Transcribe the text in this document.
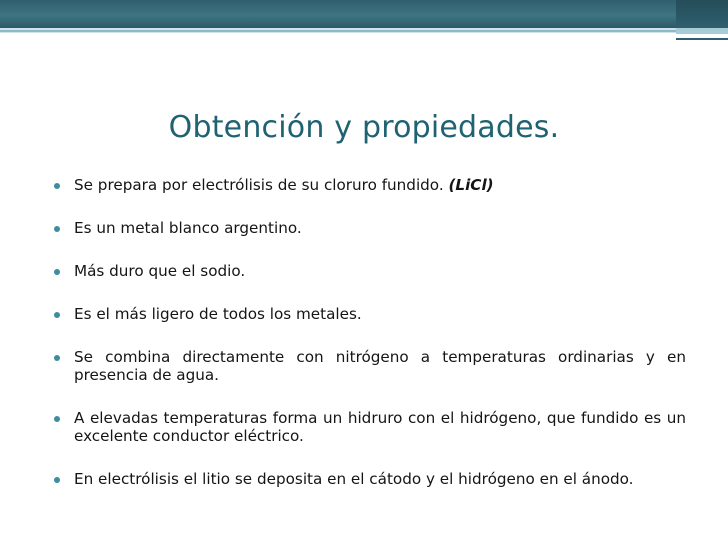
Obtención y propiedades.
Se prepara por electrólisis de su cloruro fundido. (LiCl)
Es un metal blanco argentino.
Más duro que el sodio.
Es el más ligero de todos los metales.
Se combina directamente con nitrógeno a temperaturas ordinarias y en presencia de agua.
A elevadas temperaturas forma un hidruro con el hidrógeno, que fundido es un excelente conductor eléctrico.
En electrólisis el litio se deposita en el cátodo y el hidrógeno en el ánodo.
